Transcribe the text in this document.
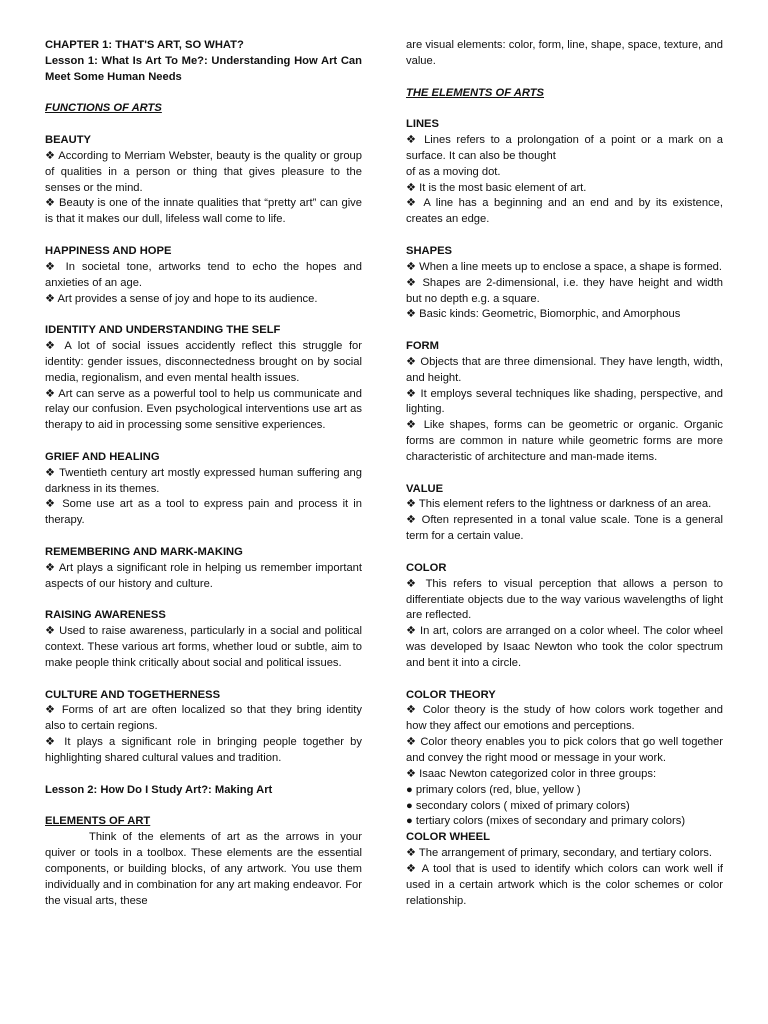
CHAPTER 1: THAT'S ART, SO WHAT?

Lesson 1: What Is Art To Me?: Understanding How Art Can Meet Some Human Needs

FUNCTIONS OF ARTS

BEAUTY

❖ According to Merriam Webster, beauty is the quality or group of qualities in a person or thing that gives pleasure to the senses or the mind.

❖ Beauty is one of the innate qualities that “pretty art” can give is that it makes our dull, lifeless wall come to life.

HAPPINESS AND HOPE

❖ In societal tone, artworks tend to echo the hopes and anxieties of an age.

❖ Art provides a sense of joy and hope to its audience.

IDENTITY AND UNDERSTANDING THE SELF

❖ A lot of social issues accidently reflect this struggle for identity: gender issues, disconnectedness brought on by social media, regionalism, and even mental health issues.

❖ Art can serve as a powerful tool to help us communicate and relay our confusion. Even psychological interventions use art as therapy to aid in processing some sensitive experiences.

GRIEF AND HEALING

❖ Twentieth century art mostly expressed human suffering ang darkness in its themes.

❖ Some use art as a tool to express pain and process it in therapy.

REMEMBERING AND MARK-MAKING

❖ Art plays a significant role in helping us remember important aspects of our history and culture.

RAISING AWARENESS

❖ Used to raise awareness, particularly in a social and political context. These various art forms, whether loud or subtle, aim to make people think critically about social and political issues.

CULTURE AND TOGETHERNESS

❖ Forms of art are often localized so that they bring identity also to certain regions.

❖ It plays a significant role in bringing people together by highlighting shared cultural values and tradition.

Lesson 2: How Do I Study Art?: Making Art

ELEMENTS OF ART

Think of the elements of art as the arrows in your quiver or tools in a toolbox. These elements are the essential components, or building blocks, of any artwork. You use them individually and in combination for any art making endeavor. For the visual arts, these

are visual elements: color, form, line, shape, space, texture, and value.

THE ELEMENTS OF ARTS

LINES

❖ Lines refers to a prolongation of a point or a mark on a surface. It can also be thought

of as a moving dot.

❖ It is the most basic element of art.

❖ A line has a beginning and an end and by its existence, creates an edge.

SHAPES

❖ When a line meets up to enclose a space, a shape is formed.

❖ Shapes are 2-dimensional, i.e. they have height and width but no depth e.g. a square.

❖ Basic kinds: Geometric, Biomorphic, and Amorphous

FORM

❖ Objects that are three dimensional. They have length, width, and height.

❖ It employs several techniques like shading, perspective, and lighting.

❖ Like shapes, forms can be geometric or organic. Organic forms are common in nature while geometric forms are more characteristic of architecture and man-made items.

VALUE

❖ This element refers to the lightness or darkness of an area.

❖ Often represented in a tonal value scale. Tone is a general term for a certain value.

COLOR

❖ This refers to visual perception that allows a person to differentiate objects due to the way various wavelengths of light are reflected.

❖ In art, colors are arranged on a color wheel. The color wheel was developed by Isaac Newton who took the color spectrum and bent it into a circle.

COLOR THEORY

❖ Color theory is the study of how colors work together and how they affect our emotions and perceptions.

❖ Color theory enables you to pick colors that go well together and convey the right mood or message in your work.

❖ Isaac Newton categorized color in three groups:

● primary colors (red, blue, yellow )

● secondary colors ( mixed of primary colors)

● tertiary colors (mixes of secondary and primary colors)

COLOR WHEEL

❖ The arrangement of primary, secondary, and tertiary colors.

❖ A tool that is used to identify which colors can work well if used in a certain artwork which is the color schemes or color relationship.
